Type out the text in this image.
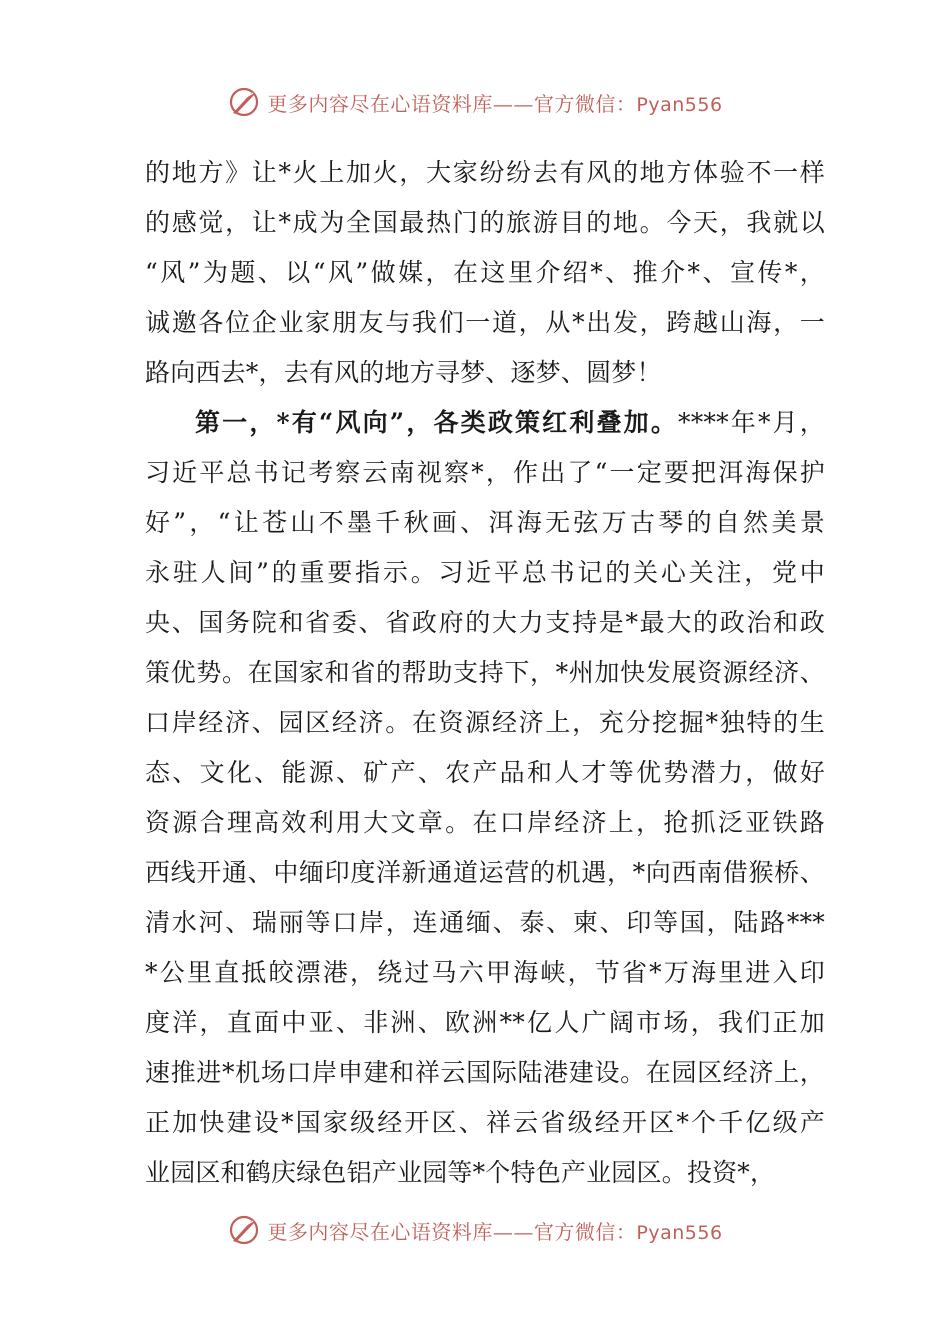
更多内容尽在心语资料库——官方微信：Pyan556
的地方》让*火上加火，大家纷纷去有风的地方体验不一样
的感觉，让*成为全国最热门的旅游目的地。今天，我就以
“风”为题、以“风”做媒，在这里介绍*、推介*、宣传*，
诚邀各位企业家朋友与我们一道，从*出发，跨越山海，一
路向西去*，去有风的地方寻梦、逐梦、圆梦！
第一，*有“风向”，各类政策红利叠加。****年*月，
习近平总书记考察云南视察*，作出了“一定要把洱海保护
好”，“让苍山不墨千秋画、洱海无弦万古琴的自然美景
永驻人间”的重要指示。习近平总书记的关心关注，党中
央、国务院和省委、省政府的大力支持是*最大的政治和政
策优势。在国家和省的帮助支持下，*州加快发展资源经济、
口岸经济、园区经济。在资源经济上，充分挖掘*独特的生
态、文化、能源、矿产、农产品和人才等优势潜力，做好
资源合理高效利用大文章。在口岸经济上，抢抓泛亚铁路
西线开通、中缅印度洋新通道运营的机遇，*向西南借猴桥、
清水河、瑞丽等口岸，连通缅、泰、柬、印等国，陆路***
*公里直抵皎漂港，绕过马六甲海峡，节省*万海里进入印
度洋，直面中亚、非洲、欧洲**亿人广阔市场，我们正加
速推进*机场口岸申建和祥云国际陆港建设。在园区经济上，
正加快建设*国家级经开区、祥云省级经开区*个千亿级产
业园区和鹤庆绿色铝产业园等*个特色产业园区。投资*，
更多内容尽在心语资料库——官方微信：Pyan556
